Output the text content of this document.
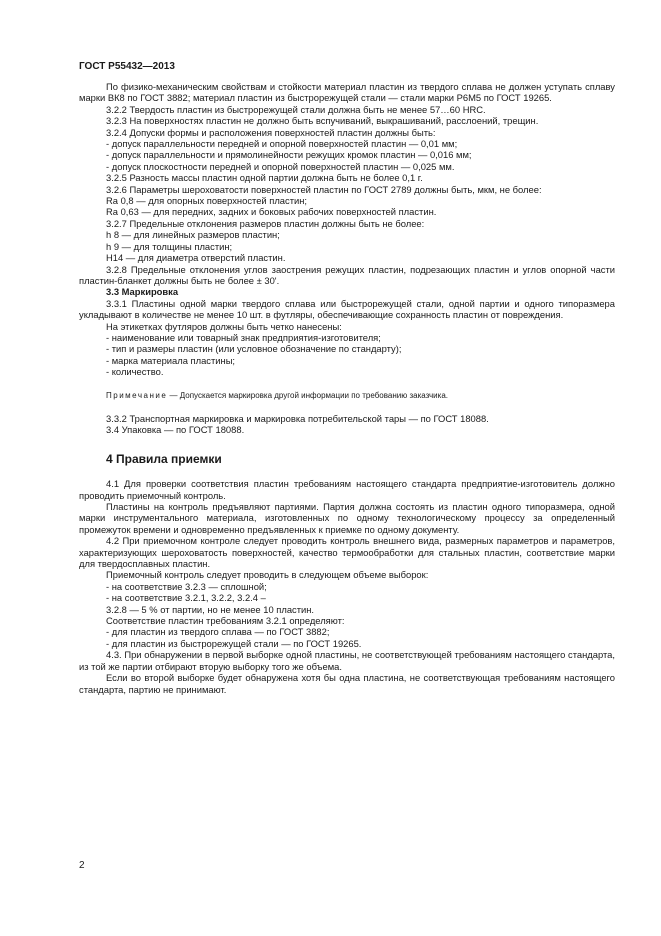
ГОСТ Р55432—2013

По физико-механическим свойствам и стойкости материал пластин из твердого сплава не должен уступать сплаву марки ВК8 по ГОСТ 3882; материал пластин из быстрорежущей стали — стали марки Р6М5 по ГОСТ 19265.

3.2.2 Твердость пластин из быстрорежущей стали должна быть не менее 57…60 HRC.

3.2.3 На поверхностях пластин не должно быть вспучиваний, выкрашиваний, расслоений, трещин.

3.2.4 Допуски формы и расположения поверхностей пластин должны быть:

- допуск параллельности передней и опорной поверхностей пластин — 0,01 мм;

- допуск параллельности и прямолинейности режущих кромок пластин — 0,016 мм;

- допуск плоскостности передней и опорной поверхностей пластин — 0,025 мм.

3.2.5 Разность массы пластин одной партии должна быть не более 0,1 г.

3.2.6 Параметры шероховатости поверхностей пластин по ГОСТ 2789 должны быть, мкм, не более:

Ra 0,8 — для опорных поверхностей пластин;

Ra 0,63 — для передних, задних и боковых рабочих поверхностей пластин.

3.2.7 Предельные отклонения размеров пластин должны быть не более:

h 8 — для линейных размеров пластин;

h 9 — для толщины пластин;

H14 — для диаметра отверстий пластин.

3.2.8 Предельные отклонения углов заострения режущих пластин, подрезающих пластин и углов опорной части пластин-бланкет должны быть не более ± 30'.

3.3 Маркировка

3.3.1 Пластины одной марки твердого сплава или быстрорежущей стали, одной партии и одного типоразмера укладывают в количестве не менее 10 шт. в футляры, обеспечивающие сохранность пластин от повреждения.

На этикетках футляров должны быть четко нанесены:

- наименование или товарный знак предприятия-изготовителя;

- тип и размеры пластин (или условное обозначение по стандарту);

- марка материала пластины;

- количество.

Примечание — Допускается маркировка другой информации по требованию заказчика.

3.3.2 Транспортная маркировка и маркировка потребительской тары — по ГОСТ 18088.

3.4 Упаковка — по ГОСТ 18088.

4 Правила приемки

4.1 Для проверки соответствия пластин требованиям настоящего стандарта предприятие-изготовитель должно проводить приемочный контроль.

Пластины на контроль предъявляют партиями. Партия должна состоять из пластин одного типоразмера, одной марки инструментального материала, изготовленных по одному технологическому процессу за определенный промежуток времени и одновременно предъявленных к приемке по одному документу.

4.2 При приемочном контроле следует проводить контроль внешнего вида, размерных параметров и параметров, характеризующих шероховатость поверхностей, качество термообработки для стальных пластин, соответствие марки для твердосплавных пластин.

Приемочный контроль следует проводить в следующем объеме выборок:

- на соответствие 3.2.3 — сплошной;

- на соответствие 3.2.1, 3.2.2, 3.2.4 –

3.2.8 — 5 % от партии, но не менее 10 пластин.

Соответствие пластин требованиям 3.2.1 определяют:

- для пластин из твердого сплава — по ГОСТ 3882;

- для пластин из быстрорежущей стали — по ГОСТ 19265.

4.3. При обнаружении в первой выборке одной пластины, не соответствующей требованиям настоящего стандарта, из той же партии отбирают вторую выборку того же объема.

Если во второй выборке будет обнаружена хотя бы одна пластина, не соответствующая требованиям настоящего стандарта, партию не принимают.

2
